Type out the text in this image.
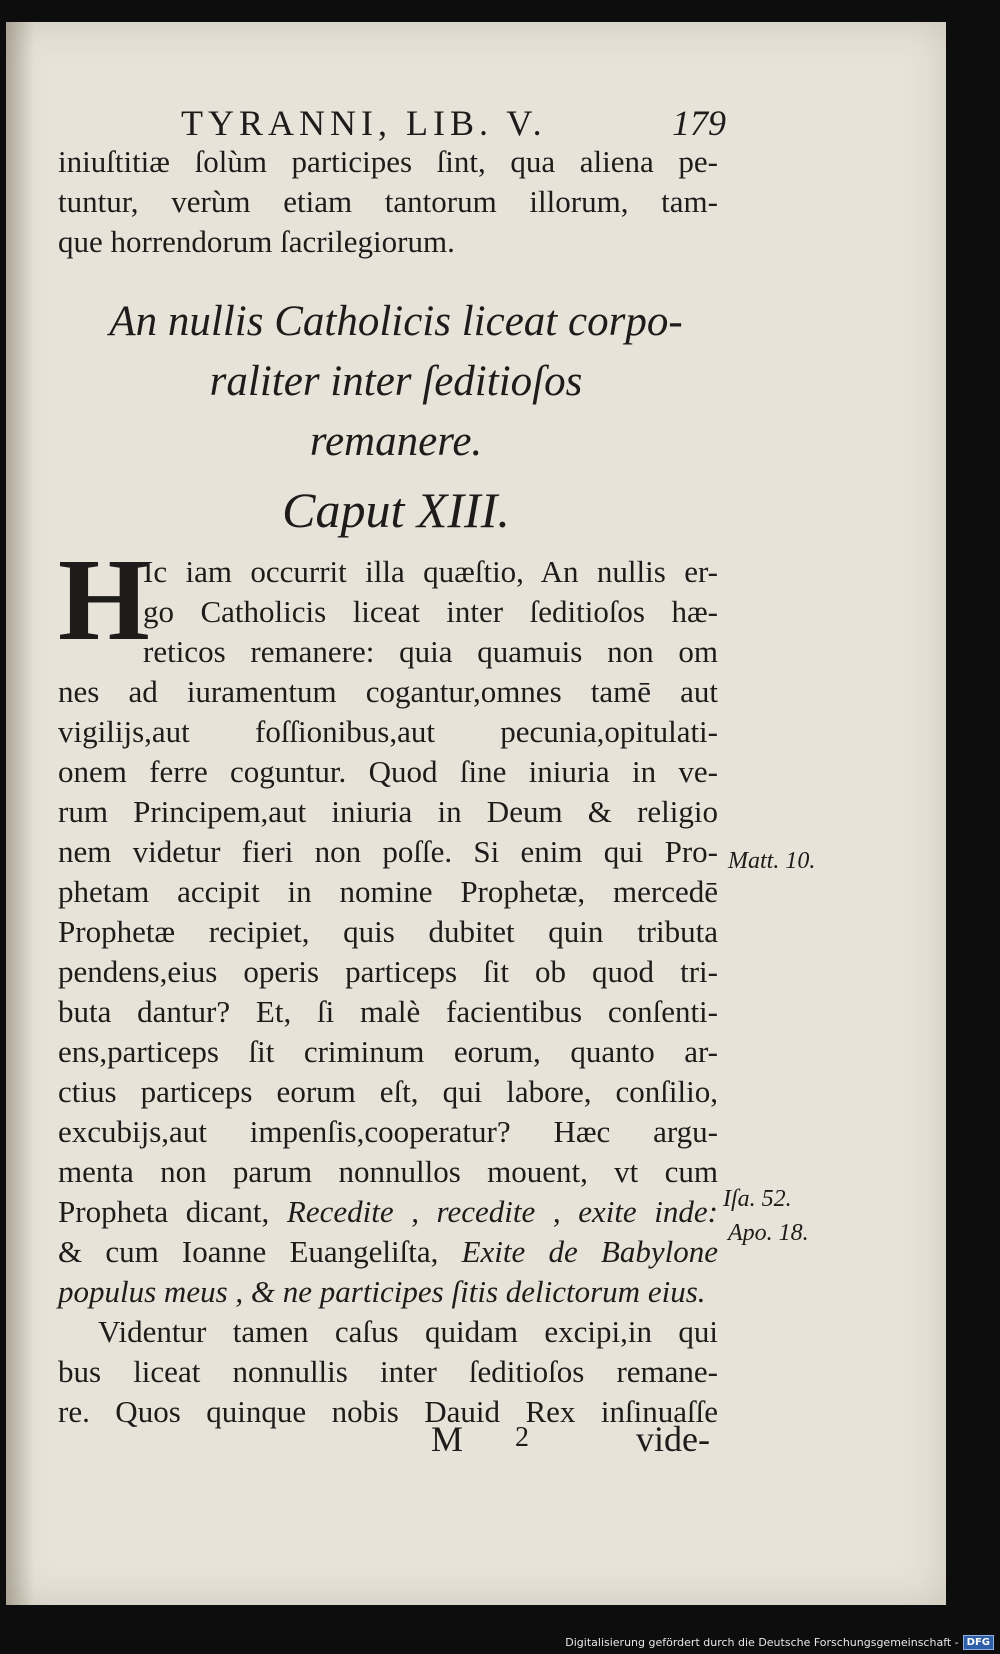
TYRANNI, LIB. V.	179
iniuſtitiæ ſolùm participes ſint, qua aliena pe-
tuntur, verùm etiam tantorum illorum, tam-
que horrendorum ſacrilegiorum.
An nullis Catholicis liceat corpo-
raliter inter ſeditioſos
remanere.
Caput XIII.
H
Ic iam occurrit illa quæſtio, An nullis er-
go Catholicis liceat inter ſeditioſos hæ-
reticos remanere: quia quamuis non om
nes ad iuramentum cogantur,omnes tamē aut
vigilijs,aut foſſionibus,aut pecunia,opitulati-
onem ferre coguntur. Quod ſine iniuria in ve-
rum Principem,aut iniuria in Deum & religio
nem videtur fieri non poſſe. Si enim qui Pro-
phetam accipit in nomine Prophetæ, mercedē
Prophetæ recipiet, quis dubitet quin tributa
pendens,eius operis particeps ſit ob quod tri-
buta dantur? Et, ſi malè facientibus conſenti-
ens,particeps ſit criminum eorum, quanto ar-
ctius particeps eorum eſt, qui labore, conſilio,
excubijs,aut impenſis,cooperatur? Hæc argu-
menta non parum nonnullos mouent, vt cum
Propheta dicant, Recedite , recedite , exite inde:
& cum Ioanne Euangeliſta, Exite de Babylone
populus meus , & ne participes ſitis delictorum eius.
Videntur tamen caſus quidam excipi,in qui
bus liceat nonnullis inter ſeditioſos remane-
re. Quos quinque nobis Dauid Rex inſinuaſſe
Matt. 10.
Iſa. 52.
Apo. 18.
M 2	vide-
Digitalisierung gefördert durch die Deutsche Forschungsgemeinschaft - DFG
